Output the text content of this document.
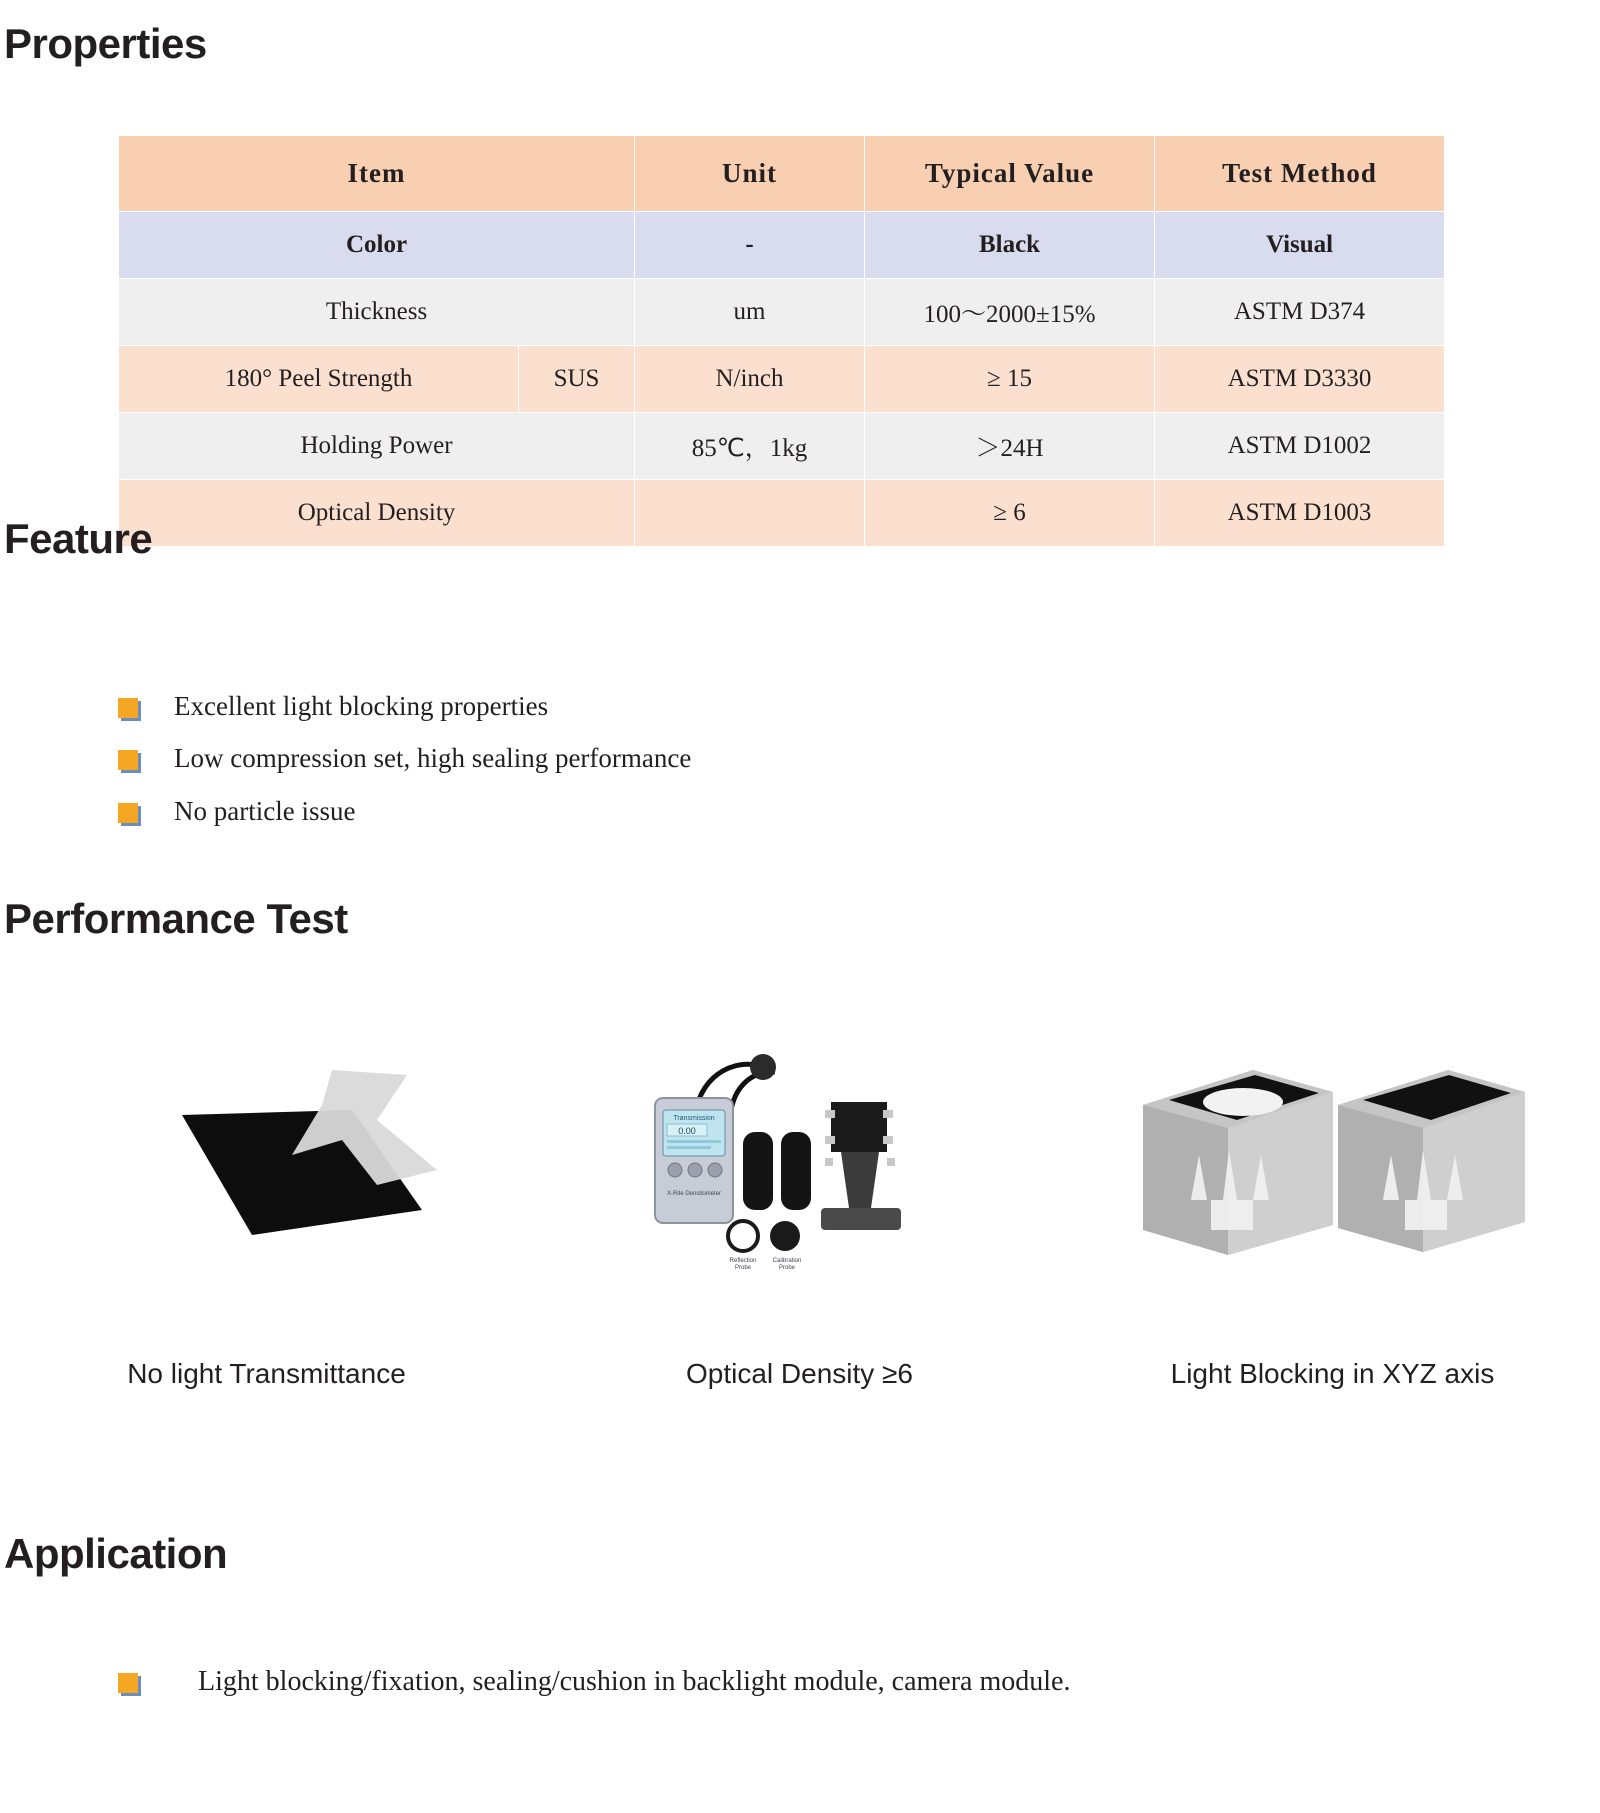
Properties
Item		Unit	Typical Value	Test Method
Color		-	Black	Visual
Thickness		um	100～2000±15%	ASTM D374
180° Peel Strength	SUS	N/inch	≥ 15	ASTM D3330
Holding Power		85℃，1kg	＞24H	ASTM D1002
Optical Density			≥ 6	ASTM D1003
Feature
Excellent light blocking properties
Low compression set, high sealing performance
No particle issue
Performance Test
No light Transmittance
Transmission
0.00
X-Rite Densitometer
Reflection
Probe
Calibration
Probe
Optical Density ≥6	Light Blocking in XYZ axis
Application
Light blocking/fixation, sealing/cushion in backlight module, camera module.
